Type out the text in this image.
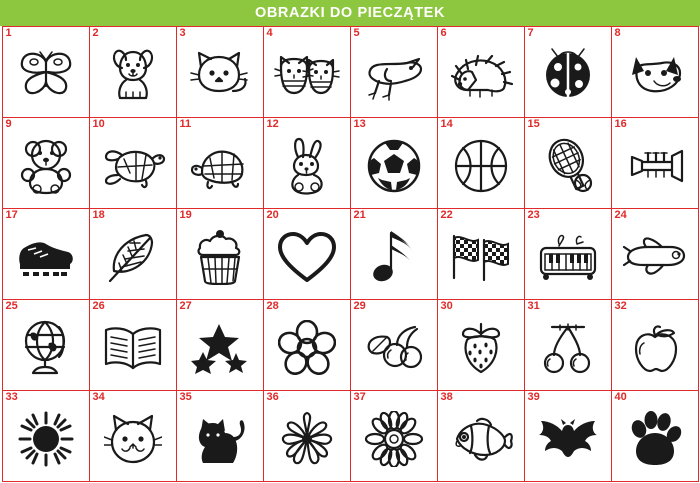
OBRAZKI DO PIECZĄTEK
1	2	3	4	5	6	7	8
9	10	11	12	13	14	15	16
17	18	19	20	21	22	23	24
25	26	27	28	29	30	31	32
33	34	35	36	37	38	39	40
